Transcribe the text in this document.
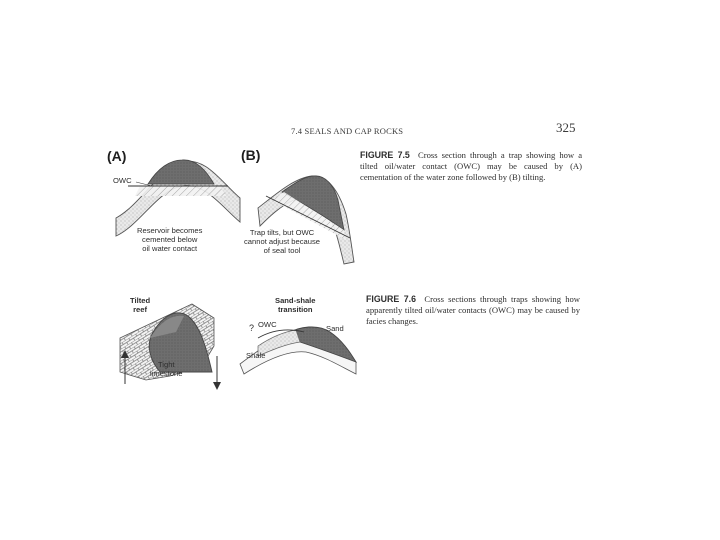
7.4 SEALS AND CAP ROCKS	325
(A)
OWC
Reservoir becomes
cemented below
oil water contact
(B)
Trap tilts, but OWC
cannot adjust because
of seal tool
FIGURE 7.5 Cross section through a trap showing how a tilted oil/water contact (OWC) may be caused by (A) cementation of the water zone followed by (B) tilting.
Tilted
reef
Tight
limestone
Sand-shale
transition
? OWC	Sand
Shale
FIGURE 7.6 Cross sections through traps showing how apparently tilted oil/water contacts (OWC) may be caused by facies changes.
